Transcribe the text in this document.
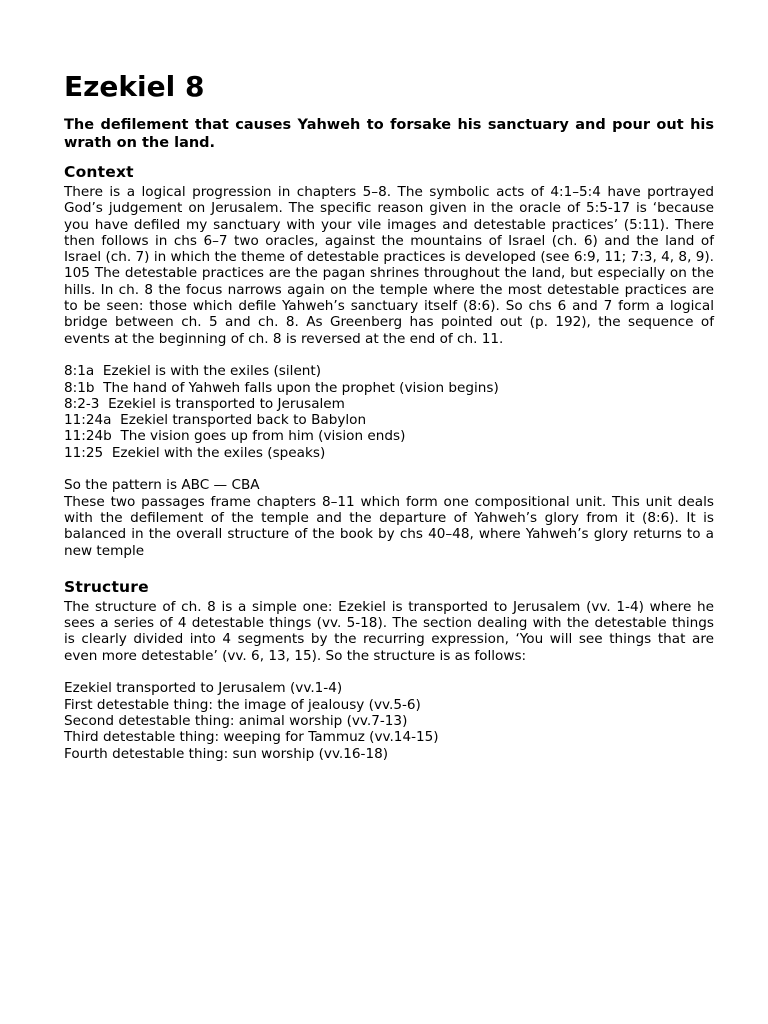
Ezekiel 8

The defilement that causes Yahweh to forsake his sanctuary and pour out his wrath on the land.

Context

There is a logical progression in chapters 5–8. The symbolic acts of 4:1–5:4 have portrayed God’s judgement on Jerusalem. The specific reason given in the oracle of 5:5-17 is ‘because you have defiled my sanctuary with your vile images and detestable practices’ (5:11). There then follows in chs 6–7 two oracles, against the mountains of Israel (ch. 6) and the land of Israel (ch. 7) in which the theme of detestable practices is developed (see 6:9, 11; 7:3, 4, 8, 9). 105 The detestable practices are the pagan shrines throughout the land, but especially on the hills. In ch. 8 the focus narrows again on the temple where the most detestable practices are to be seen: those which defile Yahweh’s sanctuary itself (8:6). So chs 6 and 7 form a logical bridge between ch. 5 and ch. 8. As Greenberg has pointed out (p. 192), the sequence of events at the beginning of ch. 8 is reversed at the end of ch. 11.

8:1a  Ezekiel is with the exiles (silent)
8:1b  The hand of Yahweh falls upon the prophet (vision begins)
8:2-3  Ezekiel is transported to Jerusalem
11:24a  Ezekiel transported back to Babylon
11:24b  The vision goes up from him (vision ends)
11:25  Ezekiel with the exiles (speaks)

So the pattern is ABC — CBA

These two passages frame chapters 8–11 which form one compositional unit. This unit deals with the defilement of the temple and the departure of Yahweh’s glory from it (8:6). It is balanced in the overall structure of the book by chs 40–48, where Yahweh’s glory returns to a new temple

Structure

The structure of ch. 8 is a simple one: Ezekiel is transported to Jerusalem (vv. 1-4) where he sees a series of 4 detestable things (vv. 5-18). The section dealing with the detestable things is clearly divided into 4 segments by the recurring expression, ‘You will see things that are even more detestable’ (vv. 6, 13, 15). So the structure is as follows:

Ezekiel transported to Jerusalem (vv.1-4)
First detestable thing: the image of jealousy (vv.5-6)
Second detestable thing: animal worship (vv.7-13)
Third detestable thing: weeping for Tammuz (vv.14-15)
Fourth detestable thing: sun worship (vv.16-18)
